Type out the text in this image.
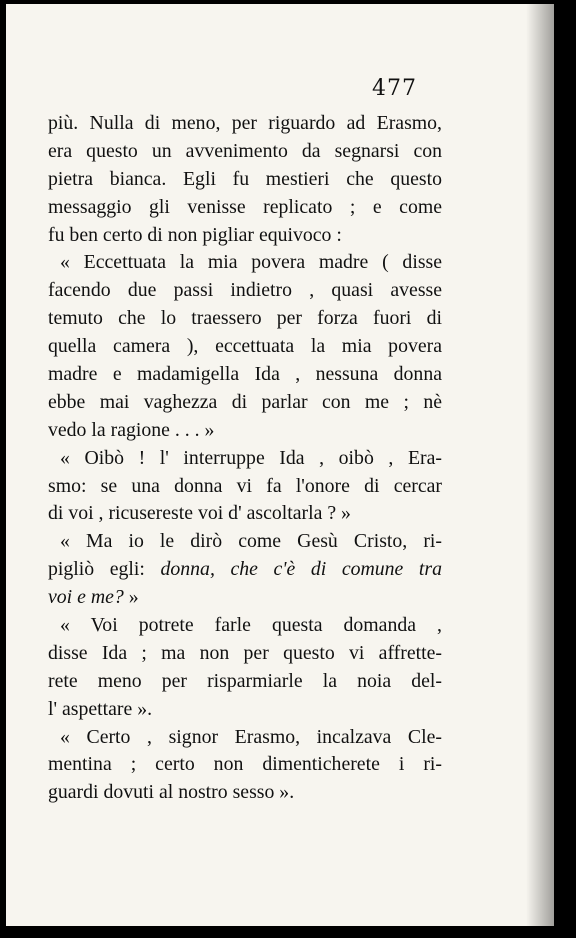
477
più. Nulla di meno, per riguardo ad Erasmo,
era questo un avvenimento da segnarsi con
pietra bianca. Egli fu mestieri che questo
messaggio gli venisse replicato ; e come
fu ben certo di non pigliar equivoco :
« Eccettuata la mia povera madre ( disse
facendo due passi indietro , quasi avesse
temuto che lo traessero per forza fuori di
quella camera ), eccettuata la mia povera
madre e madamigella Ida , nessuna donna
ebbe mai vaghezza di parlar con me ; nè
vedo la ragione . . . »
« Oibò ! l' interruppe Ida , oibò , Era-
smo: se una donna vi fa l'onore di cercar
di voi , ricusereste voi d' ascoltarla ? »
« Ma io le dirò come Gesù Cristo, ri-
pigliò egli: donna, che c'è di comune tra
voi e me? »
« Voi potrete farle questa domanda ,
disse Ida ; ma non per questo vi affrette-
rete meno per risparmiarle la noia del-
l' aspettare ».
« Certo , signor Erasmo, incalzava Cle-
mentina ; certo non dimenticherete i ri-
guardi dovuti al nostro sesso ».
